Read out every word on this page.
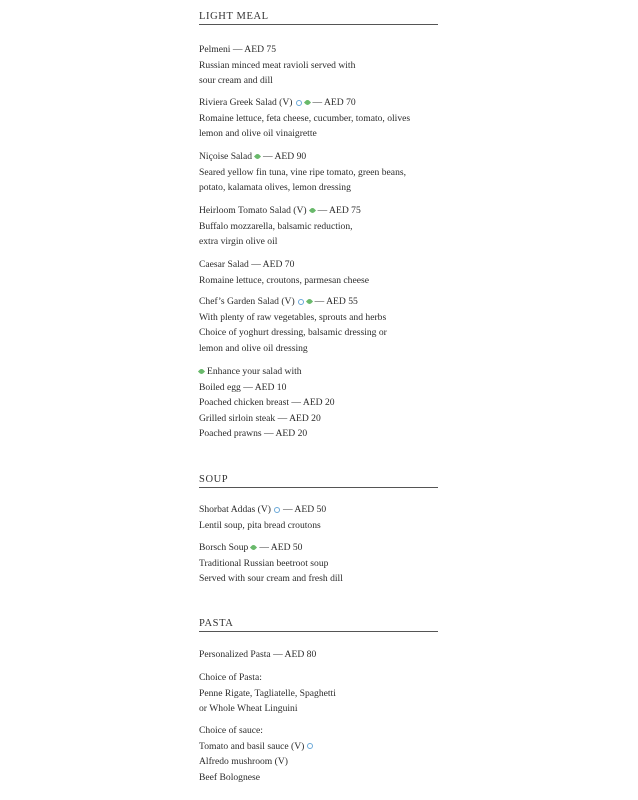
LIGHT MEAL
Pelmeni — AED 75
Russian minced meat ravioli served with
sour cream and dill
Riviera Greek Salad (V) — AED 70
Romaine lettuce, feta cheese, cucumber, tomato, olives
lemon and olive oil vinaigrette
Niçoise Salad — AED 90
Seared yellow fin tuna, vine ripe tomato, green beans,
potato, kalamata olives, lemon dressing
Heirloom Tomato Salad (V) — AED 75
Buffalo mozzarella, balsamic reduction,
extra virgin olive oil
Caesar Salad — AED 70
Romaine lettuce, croutons, parmesan cheese
Chef’s Garden Salad (V) — AED 55
With plenty of raw vegetables, sprouts and herbs
Choice of yoghurt dressing, balsamic dressing or
lemon and olive oil dressing
Enhance your salad with
Boiled egg — AED 10
Poached chicken breast — AED 20
Grilled sirloin steak — AED 20
Poached prawns — AED 20
SOUP
Shorbat Addas (V) — AED 50
Lentil soup, pita bread croutons
Borsch Soup — AED 50
Traditional Russian beetroot soup
Served with sour cream and fresh dill
PASTA
Personalized Pasta — AED 80
Choice of Pasta:
Penne Rigate, Tagliatelle, Spaghetti
or Whole Wheat Linguini
Choice of sauce:
Tomato and basil sauce (V)
Alfredo mushroom (V)
Beef Bolognese
